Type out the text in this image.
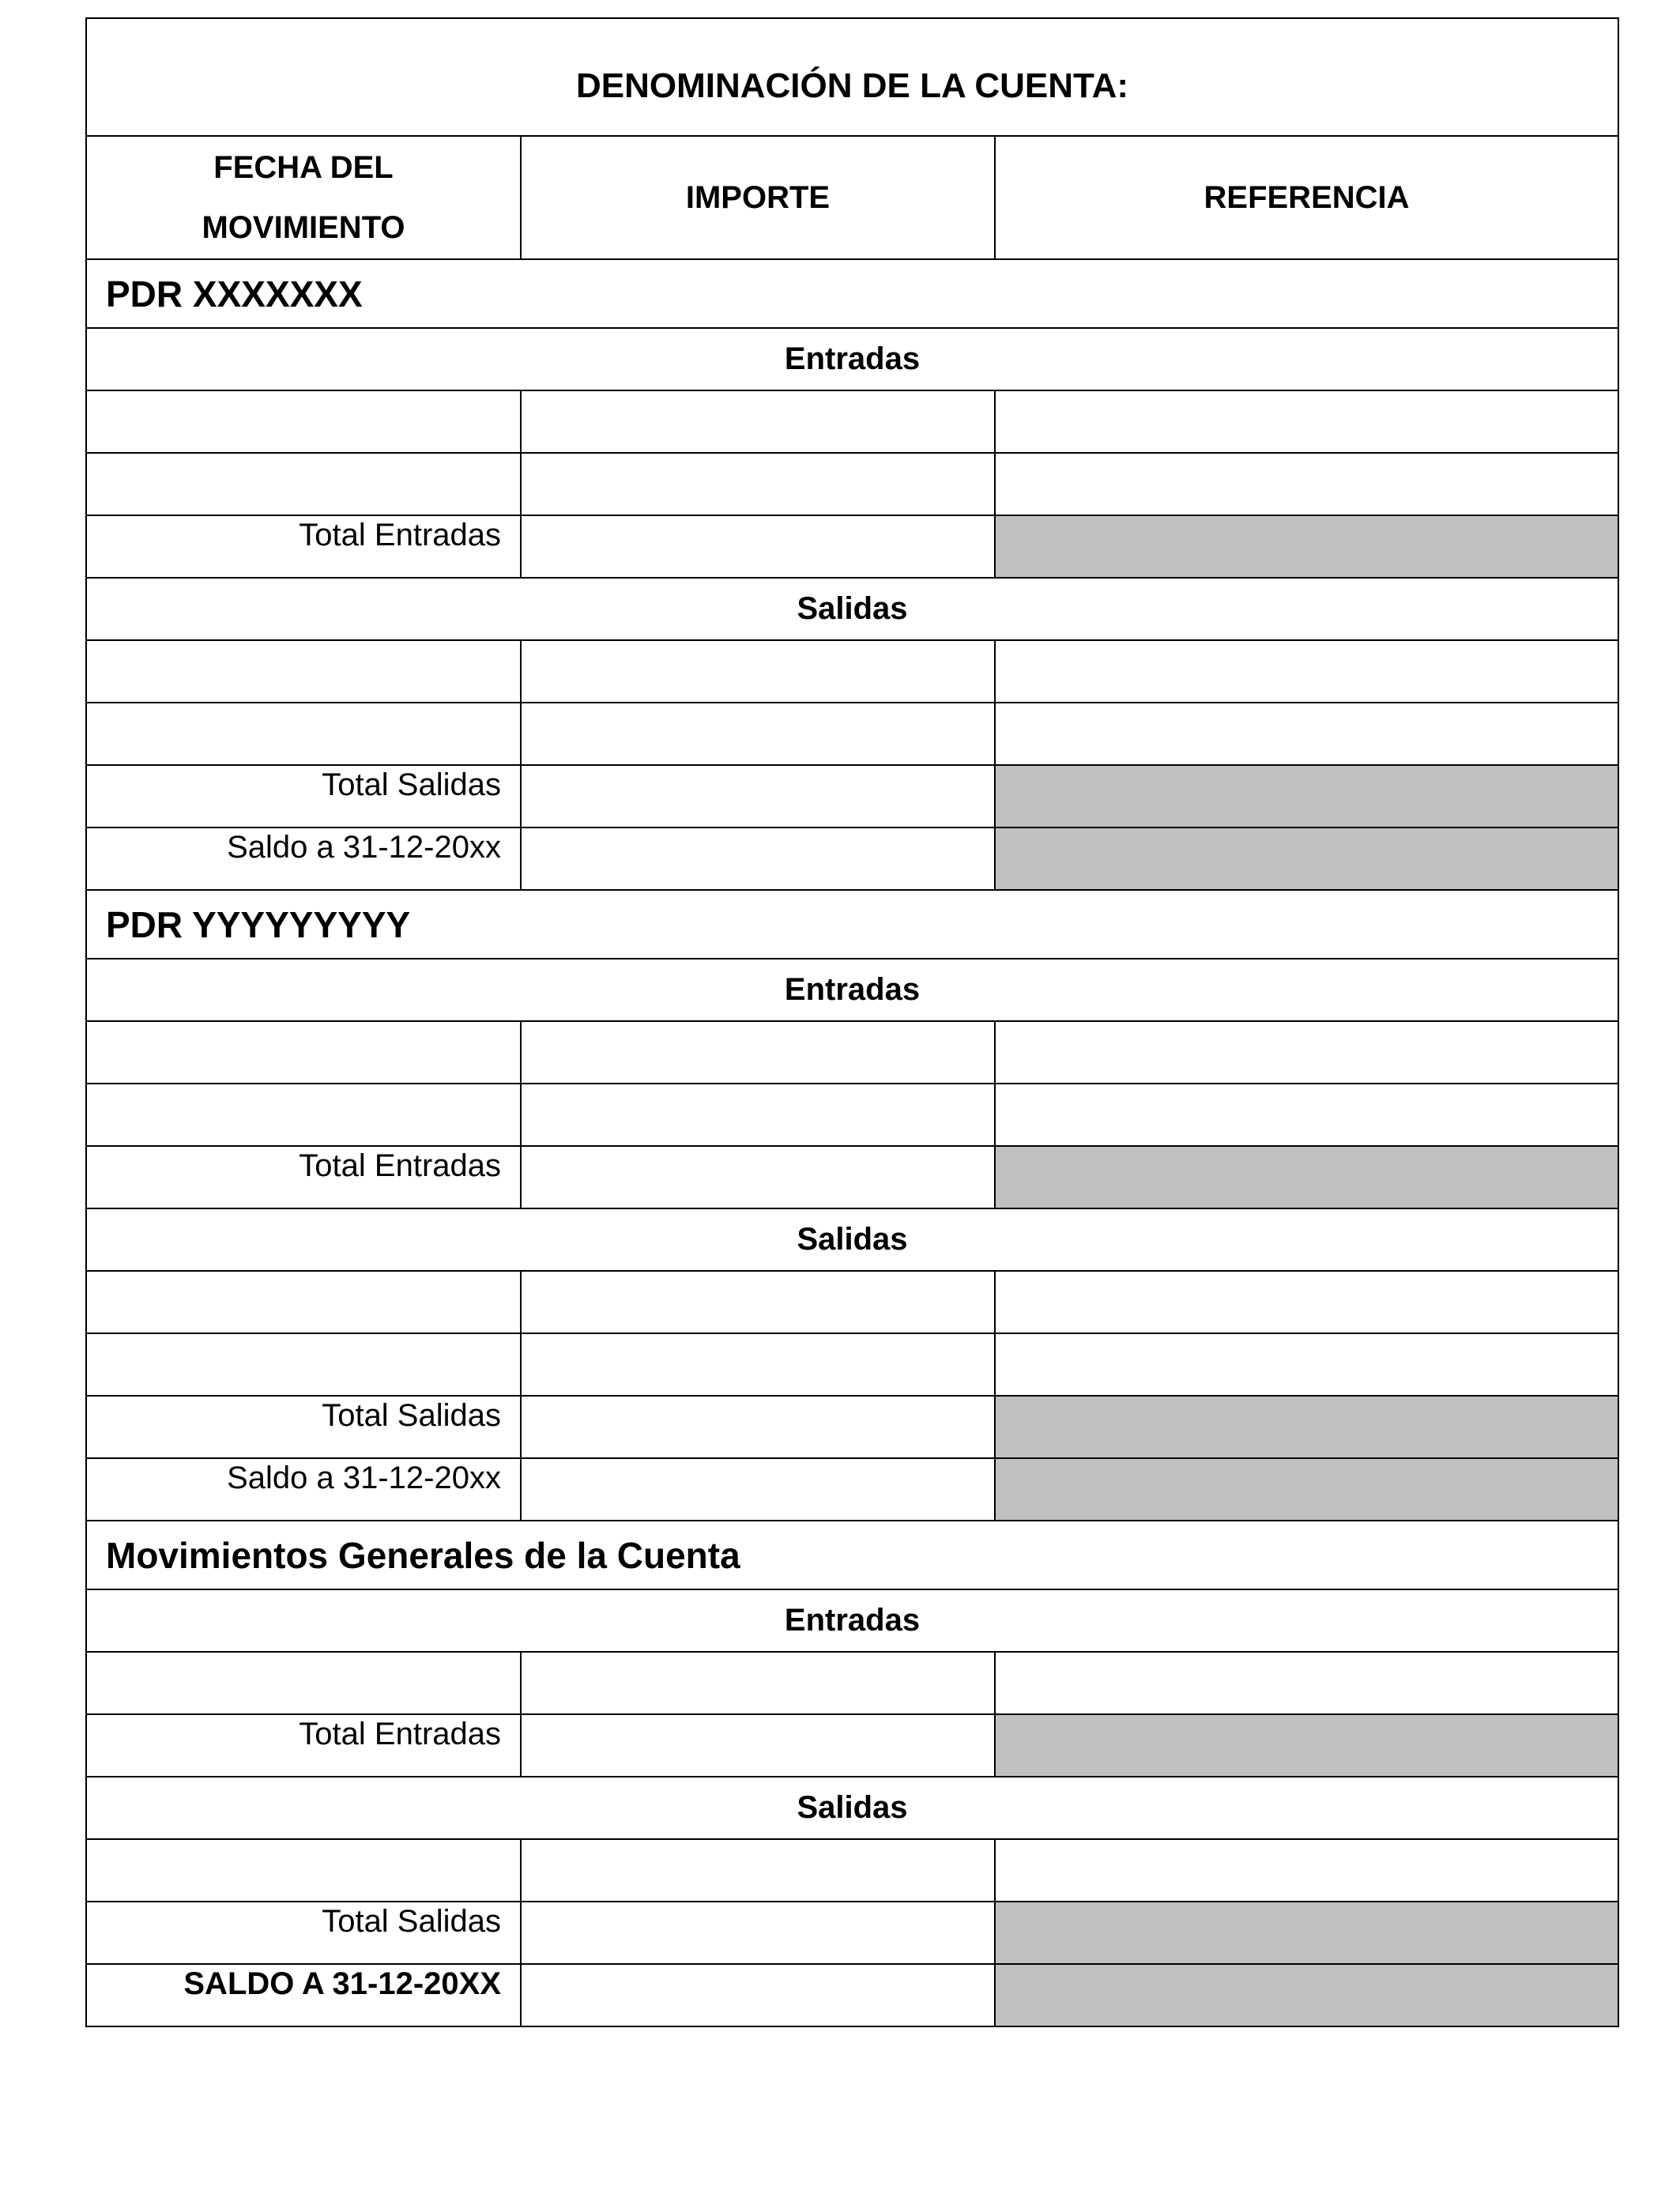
DENOMINACIÓN DE LA CUENTA:		
FECHA DEL
MOVIMIENTO	IMPORTE	REFERENCIA
PDR XXXXXXX		
Entradas		

Total Entradas		
Salidas		

Total Salidas		
Saldo a 31-12-20xx		
PDR YYYYYYYYY		
Entradas		

Total Entradas		
Salidas		

Total Salidas		
Saldo a 31-12-20xx		
Movimientos Generales de la Cuenta		
Entradas		

Total Entradas		
Salidas		

Total Salidas		
SALDO A 31-12-20XX		
